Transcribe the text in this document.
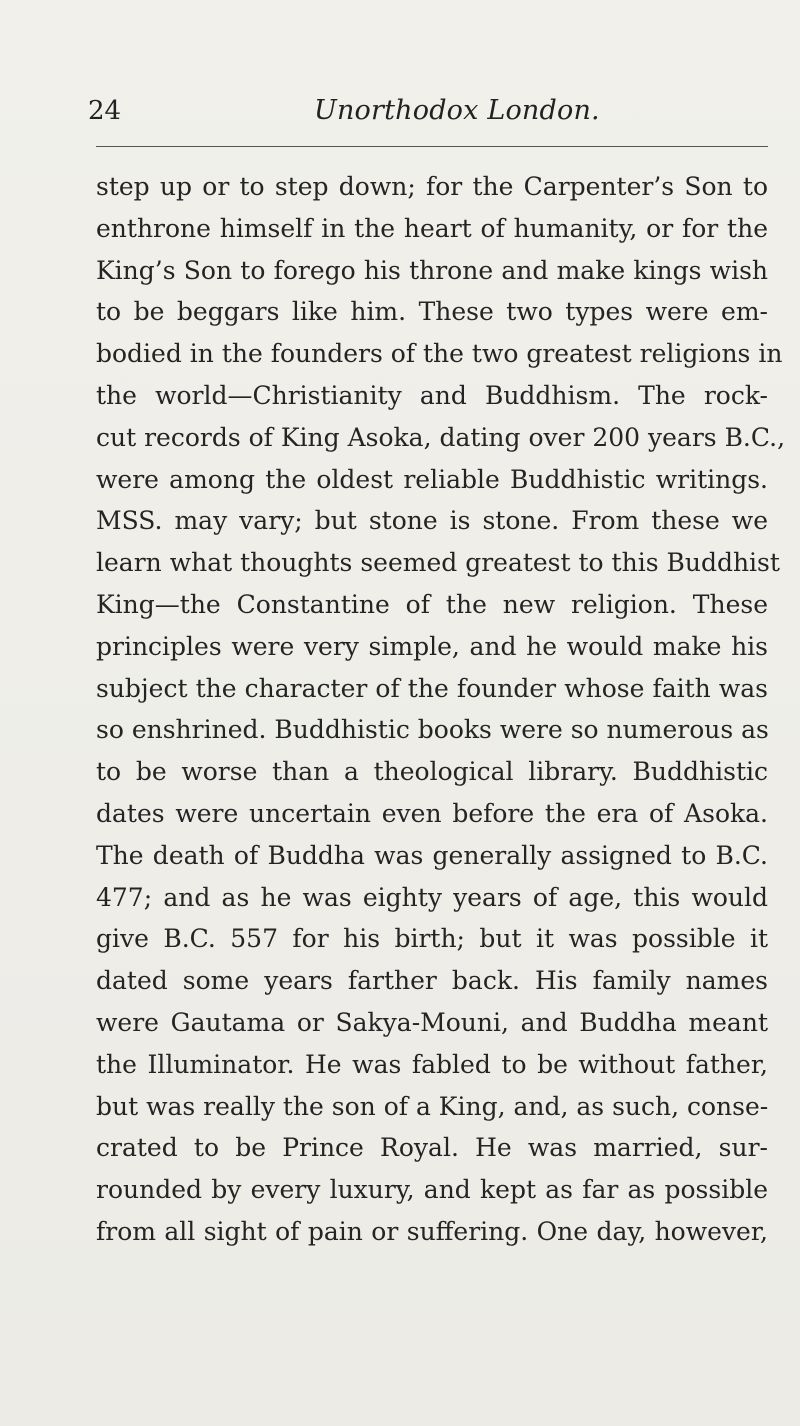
24	Unorthodox London.
step up or to step down; for the Carpenter’s Son to
enthrone himself in the heart of humanity, or for the
King’s Son to forego his throne and make kings wish
to be beggars like him. These two types were em-
bodied in the founders of the two greatest religions in
the world—Christianity and Buddhism. The rock-
cut records of King Asoka, dating over 200 years B.C.,
were among the oldest reliable Buddhistic writings.
MSS. may vary; but stone is stone. From these we
learn what thoughts seemed greatest to this Buddhist
King—the Constantine of the new religion. These
principles were very simple, and he would make his
subject the character of the founder whose faith was
so enshrined. Buddhistic books were so numerous as
to be worse than a theological library. Buddhistic
dates were uncertain even before the era of Asoka.
The death of Buddha was generally assigned to B.C.
477; and as he was eighty years of age, this would
give B.C. 557 for his birth; but it was possible it
dated some years farther back. His family names
were Gautama or Sakya-Mouni, and Buddha meant
the Illuminator. He was fabled to be without father,
but was really the son of a King, and, as such, conse-
crated to be Prince Royal. He was married, sur-
rounded by every luxury, and kept as far as possible
from all sight of pain or suffering. One day, however,
